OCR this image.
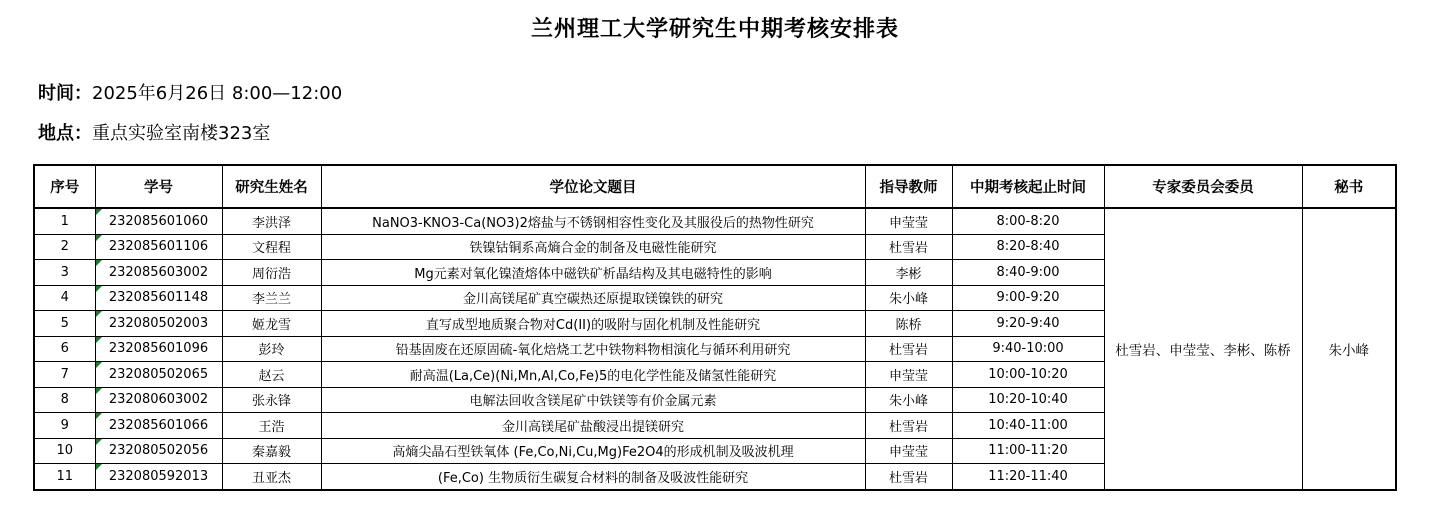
兰州理工大学研究生中期考核安排表
时间：2025年6月26日 8:00—12:00
地点：重点实验室南楼323室
序号	学号	研究生姓名	学位论文题目	指导教师	中期考核起止时间	专家委员会委员	秘书
1	232085601060	李洪泽	NaNO3-KNO3-Ca(NO3)2熔盐与不锈钢相容性变化及其服役后的热物性研究	申莹莹	8:00-8:20	杜雪岩、申莹莹、李彬、陈桥	朱小峰
2	232085601106	文程程	铁镍钴铜系高熵合金的制备及电磁性能研究	杜雪岩	8:20-8:40		
3	232085603002	周衍浩	Mg元素对氧化镍渣熔体中磁铁矿析晶结构及其电磁特性的影响	李彬	8:40-9:00		
4	232085601148	李兰兰	金川高镁尾矿真空碳热还原提取镁镍铁的研究	朱小峰	9:00-9:20		
5	232080502003	姬龙雪	直写成型地质聚合物对Cd(II)的吸附与固化机制及性能研究	陈桥	9:20-9:40		
6	232085601096	彭玲	铅基固废在还原固硫-氧化焙烧工艺中铁物料物相演化与循环利用研究	杜雪岩	9:40-10:00		
7	232080502065	赵云	耐高温(La,Ce)(Ni,Mn,Al,Co,Fe)5的电化学性能及储氢性能研究	申莹莹	10:00-10:20		
8	232080603002	张永锋	电解法回收含镁尾矿中铁镁等有价金属元素	朱小峰	10:20-10:40		
9	232085601066	王浩	金川高镁尾矿盐酸浸出提镁研究	杜雪岩	10:40-11:00		
10	232080502056	秦嘉毅	高熵尖晶石型铁氧体 (Fe,Co,Ni,Cu,Mg)Fe2O4的形成机制及吸波机理	申莹莹	11:00-11:20		
11	232080592013	丑亚杰	(Fe,Co) 生物质衍生碳复合材料的制备及吸波性能研究	杜雪岩	11:20-11:40		
